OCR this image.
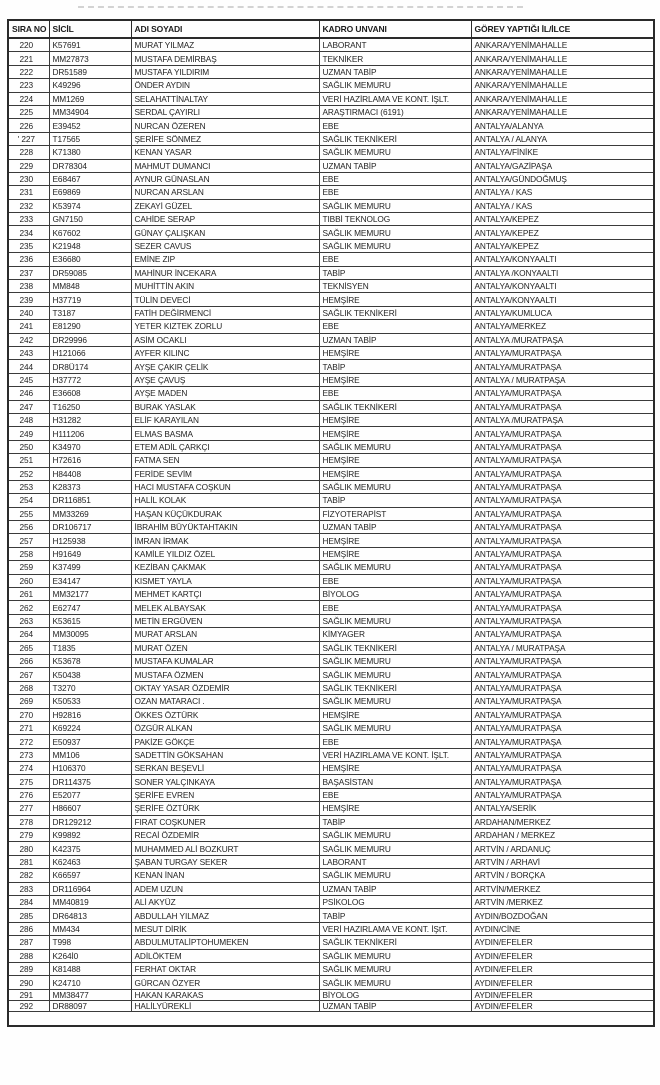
SIRA NO	SİCİL	ADI SOYADI	KADRO UNVANI	GÖREV YAPTIĞI İL/İLCE
220	K57691	MURAT YILMAZ	LABORANT	ANKARA/YENİMAHALLE
221	MM27873	MUSTAFA DEMİRBAŞ	TEKNİKER	ANKARA/YENİMAHALLE
222	DR51589	MUSTAFA YILDIRIM	UZMAN TABİP	ANKARA/YENİMAHALLE
223	K49296	ÖNDER AYDIN	SAĞLIK MEMURU	ANKARA/YENİMAHALLE
224	MM1269	SELAHATTİNALTAY	VERİ HAZİRLAMA VE KONT. İŞLT.	ANKARA/YENİMAHALLE
225	MM34904	SERDAL ÇAYIRLI	ARAŞTIRMACI (6191)	ANKARA/YENİMAHALLE
226	E39452	NURCAN ÖZEREN	EBE	ANTALYA/ALANYA
' 227	T17565	ŞERİFE SÖNMEZ	SAĞLIK TEKNİKERİ	ANTALYA / ALANYA
228	K71380	KENAN YASAR	SAĞLIK MEMURU	ANTALYA/FİNİKE
229	DR78304	MAHMUT DUMANCI	UZMAN TABİP	ANTALYA/GAZİPAŞA
230	E68467	AYNUR GÜNASLAN	EBE	ANTALYA/GÜNDOĞMUŞ
231	E69869	NURCAN ARSLAN	EBE	ANTALYA / KAS
232	K53974	ZEKAYİ GÜZEL	SAĞLIK MEMURU	ANTALYA / KAS
233	GN7150	CAHİDE SERAP	TIBBİ TEKNOLOG	ANTALYA/KEPEZ
234	K67602	GÜNAY ÇALIŞKAN	SAĞLIK MEMURU	ANTALYA/KEPEZ
235	K21948	SEZER CAVUS	SAĞLIK MEMURU	ANTALYA/KEPEZ
236	E36680	EMİNE ZIP	EBE	ANTALYA/KONYAALTI
237	DR59085	MAHİNUR İNCEKARA	TABİP	ANTALYA /KONYAALTI
238	MM848	MUHİTTİN AKIN	TEKNİSYEN	ANTALYA/KONYAALTI
239	H37719	TÜLİN DEVECİ	HEMŞİRE	ANTALYA/KONYAALTI
240	T3187	FATİH DEĞİRMENCİ	SAĞLIK TEKNİKERİ	ANTALYA/KUMLUCA
241	E81290	YETER KIZTEK ZORLU	EBE	ANTALYA/MERKEZ
242	DR29996	ASİM OCAKLI	UZMAN TABİP	ANTALYA /MURATPAŞA
243	H121066	AYFER KILINC	HEMŞİRE	ANTALYA/MURATPAŞA
244	DR8Ü174	AYŞE ÇAKIR ÇELİK	TABİP	ANTALYA/MURATPAŞA
245	H37772	AYŞE ÇAVUŞ	HEMŞİRE	ANTALYA / MURATPAŞA
246	E36608	AYŞE MADEN	EBE	ANTALYA/MURATPAŞA
247	T16250	BURAK YASLAK	SAĞLIK TEKNİKERİ	ANTALYA/MURATPAŞA
248	H31282	ELİF KARAYILAN	HEMŞİRE	ANTALYA /MURATPAŞA
249	H111206	ELMAS BASMA	HEMŞİRE	ANTALYA/MURATPAŞA
250	K34970	ETEM ADİL ÇARKÇI	SAĞLIK MEMURU	ANTALYA/MURATPAŞA
251	H72616	FATMA SEN	HEMŞİRE	ANTALYA/MURATPAŞA
252	H84408	FERİDE SEVİM	HEMŞİRE	ANTALYA/MURATPAŞA
253	K28373	HACI MUSTAFA COŞKUN	SAĞLIK MEMURU	ANTALYA/MURATPAŞA
254	DR116851	HALİL KOLAK	TABİP	ANTALYA/MURATPAŞA
255	MM33269	HAŞAN KÜÇÜKDURAK	FİZYOTERAPİST	ANTALYA/MURATPAŞA
256	DR106717	İBRAHİM BÜYÜKTAHTAKIN	UZMAN TABİP	ANTALYA/MURATPAŞA
257	H125938	İMRAN İRMAK	HEMŞİRE	ANTALYA/MURATPAŞA
258	H91649	KAMİLE YILDIZ ÖZEL	HEMŞİRE	ANTALYA/MURATPAŞA
259	K37499	KEZİBAN ÇAKMAK	SAĞLIK MEMURU	ANTALYA/MURATPAŞA
260	E34147	KISMET YAYLA	EBE	ANTALYA/MURATPAŞA
261	MM32177	MEHMET KARTÇI	BİYOLOG	ANTALYA/MURATPAŞA
262	E62747	MELEK ALBAYSAK	EBE	ANTALYA/MURATPAŞA
263	K53615	METİN ERGÜVEN	SAĞLIK MEMURU	ANTALYA/MURATPAŞA
264	MM30095	MURAT ARSLAN	KİMYAGER	ANTALYA/MURATPAŞA
265	T1835	MURAT ÖZEN	SAĞLIK TEKNİKERİ	ANTALYA / MURATPAŞA
266	K53678	MUSTAFA KUMALAR	SAĞLIK MEMURU	ANTALYA/MURATPAŞA
267	K50438	MUSTAFA ÖZMEN	SAĞLIK MEMURU	ANTALYA/MURATPAŞA
268	T3270	OKTAY YASAR ÖZDEMİR	SAĞLIK TEKNİKERİ	ANTALYA/MURATPAŞA
269	K50533	OZAN MATARACI .	SAĞLIK MEMURU	ANTALYA/MURATPAŞA
270	H92816	ÖKKES ÖZTÜRK	HEMŞİRE	ANTALYA/MURATPAŞA
271	K69224	ÖZGÜR ALKAN	SAĞLIK MEMURU	ANTALYA/MURATPAŞA
272	E50937	PAKİZE GÖKÇE	EBE	ANTALYA/MURATPAŞA
273	MM106	SADETTİN GÖKSAHAN	VERİ HAZIRLAMA VE KONT. İŞLT.	ANTALYA/MURATPAŞA
274	H106370	SERKAN BEŞEVLİ	HEMŞİRE	ANTALYA/MURATPAŞA
275	DR114375	SONER YALÇINKAYA	BAŞASİSTAN	ANTALYA/MURATPAŞA
276	E52077	ŞERİFE EVREN	EBE	ANTALYA/MURATPAŞA
277	H86607	ŞERİFE ÖZTÜRK	HEMŞİRE	ANTALYA/SERİK
278	DR129212	FIRAT COŞKUNER	TABİP	ARDAHAN/MERKEZ
279	K99892	RECAİ ÖZDEMİR	SAĞLIK MEMURU	ARDAHAN / MERKEZ
280	K42375	MUHAMMED ALİ BOZKURT	SAĞLIK MEMURU	ARTVİN / ARDANUÇ
281	K62463	ŞABAN TURGAY SEKER	LABORANT	ARTVİN / ARHAVİ
282	K66597	KENAN İNAN	SAĞLIK MEMURU	ARTVİN / BORÇKA
283	DR116964	ADEM UZUN	UZMAN TABİP	ARTVİN/MERKEZ
284	MM40819	ALİ AKYÜZ	PSİKOLOG	ARTVİN /MERKEZ
285	DR64813	ABDULLAH YILMAZ	TABİP	AYDIN/BOZDOĞAN
286	MM434	MESUT DİRİK	VERİ HAZIRLAMA VE KONT. İŞtT.	AYDIN/CİNE
287	T998	ABDULMUTALİPTOHUMEKEN	SAĞLIK TEKNİKERİ	AYDIN/EFELER
288	K264İ0	ADİLÖKTEM	SAĞLIK MEMURU	AYDIN/EFELER
289	K81488	FERHAT OKTAR	SAĞLIK MEMURU	AYDIN/EFELER
290	K24710	GÜRCAN ÖZYER	SAĞLIK MEMURU	AYDIN/EFELER
291	MM38477	HAKAN KARAKAS	BİYOLOG	AYDIN/EFELER
292	DR88097	HALİLYÜREKLİ	UZMAN TABİP	AYDIN/EFELER
